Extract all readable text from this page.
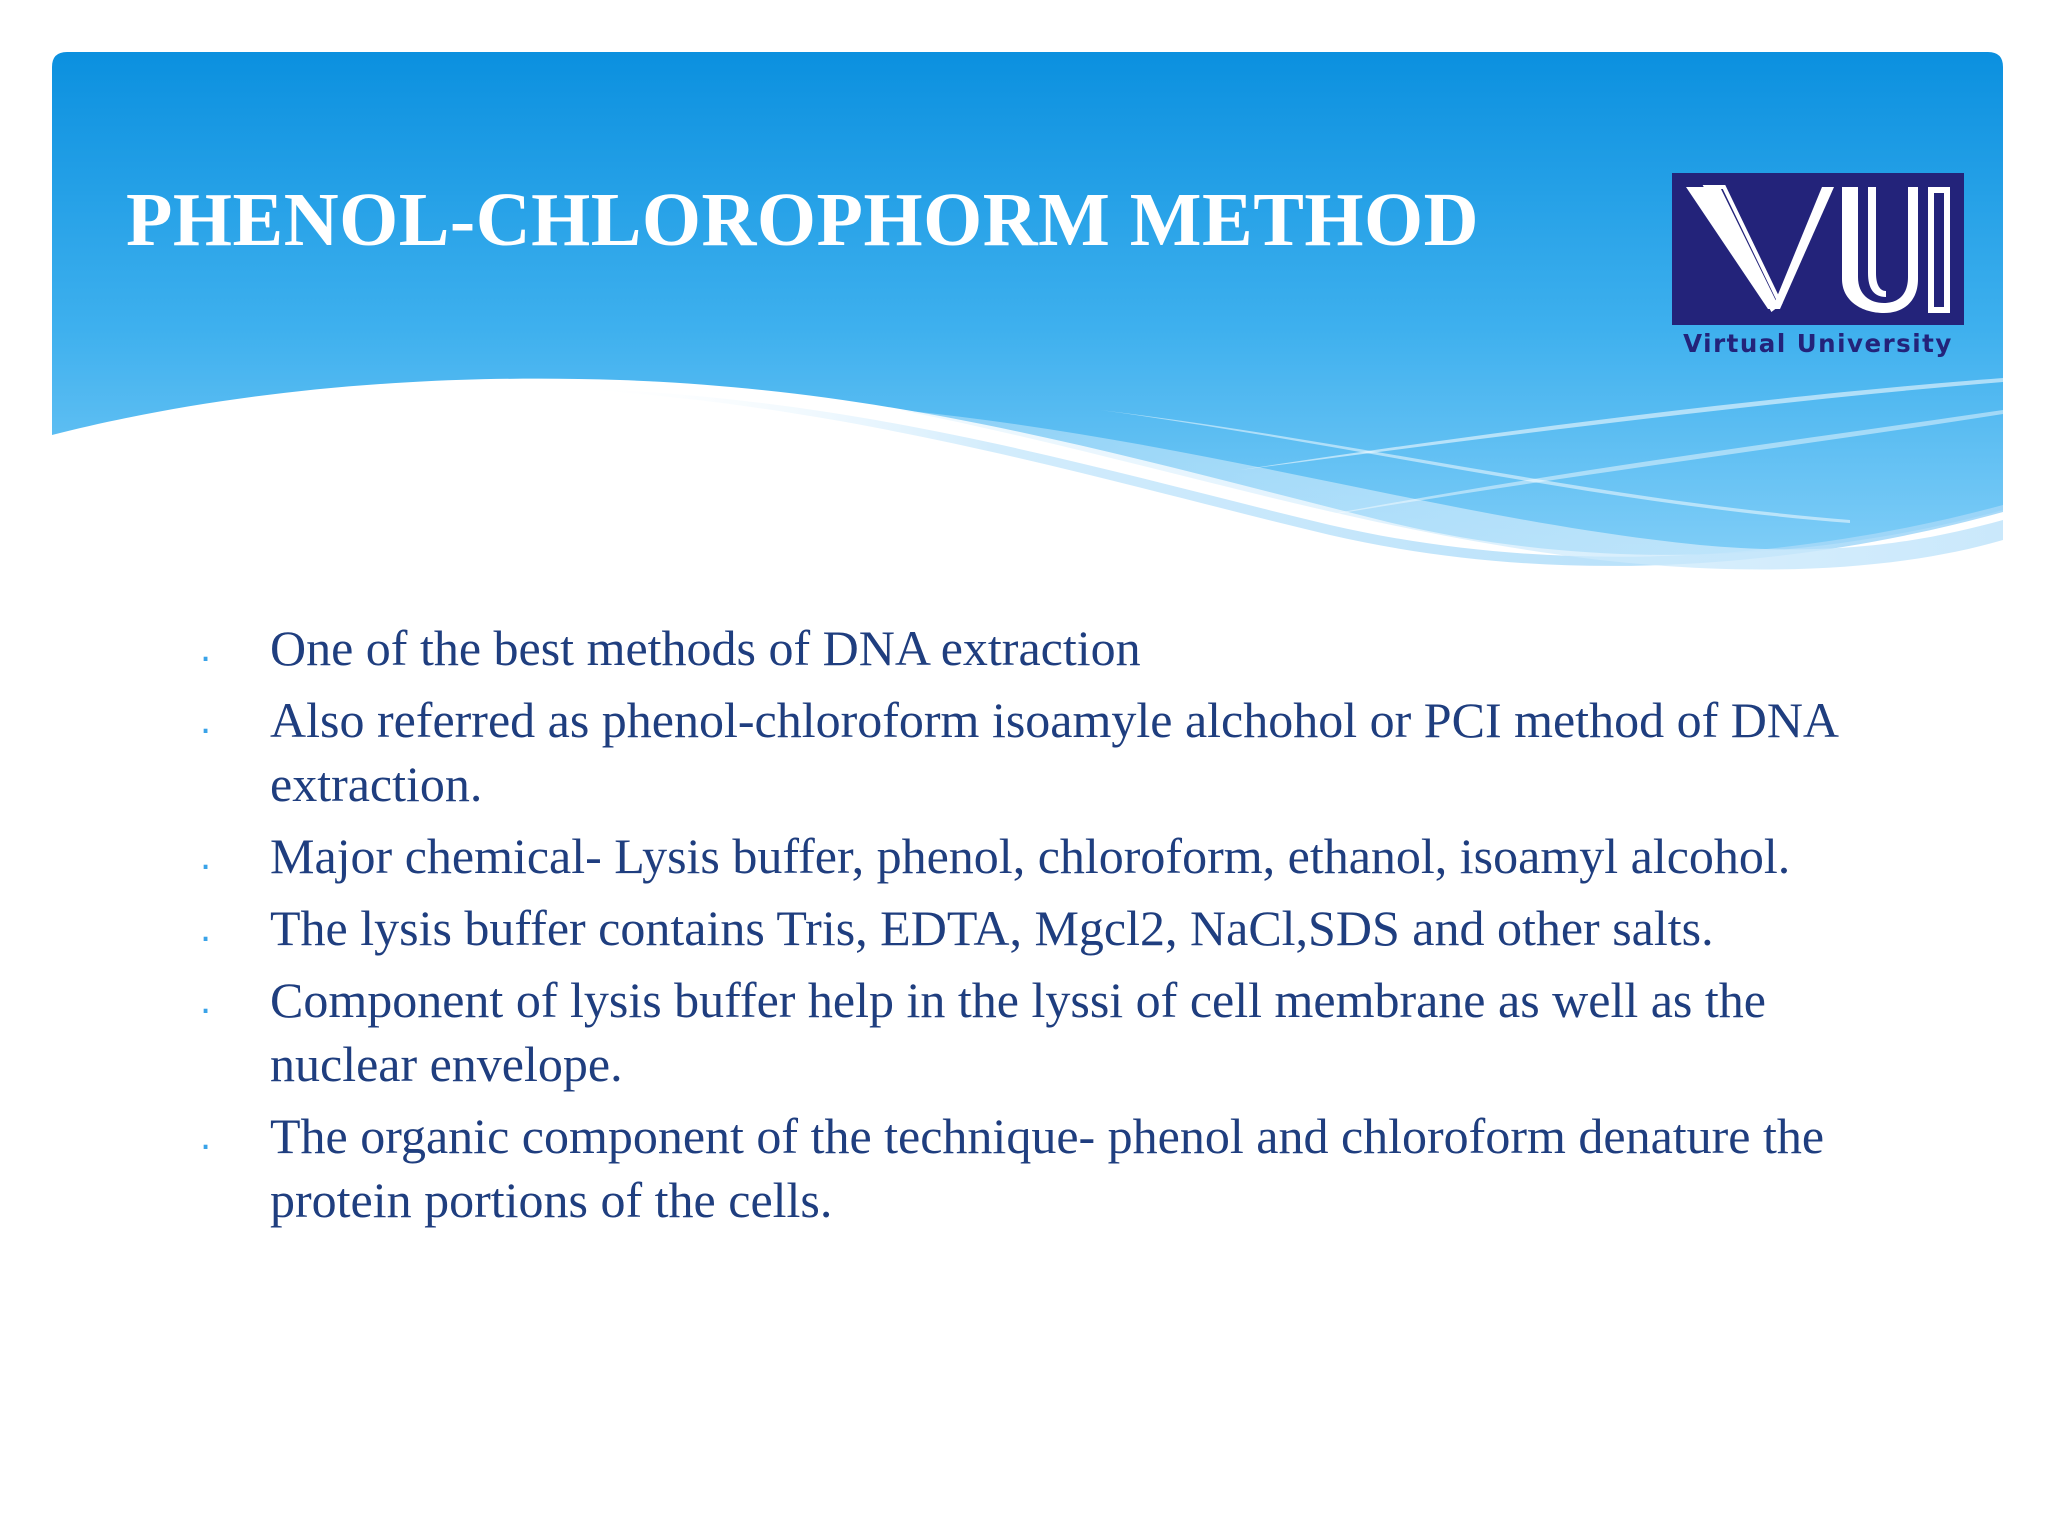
PHENOL-CHLOROPHORM METHOD
Virtual University
. One of the best methods of DNA extraction
. Also referred as phenol-chloroform isoamyle alchohol or PCI method of DNA extraction.
. Major chemical- Lysis buffer, phenol, chloroform, ethanol, isoamyl alcohol.
. The lysis buffer contains Tris, EDTA, Mgcl2, NaCl,SDS and other salts.
. Component of lysis buffer help in the lyssi of cell membrane as well as the nuclear envelope.
. The organic component of the technique- phenol and chloroform denature the protein portions of the cells.
